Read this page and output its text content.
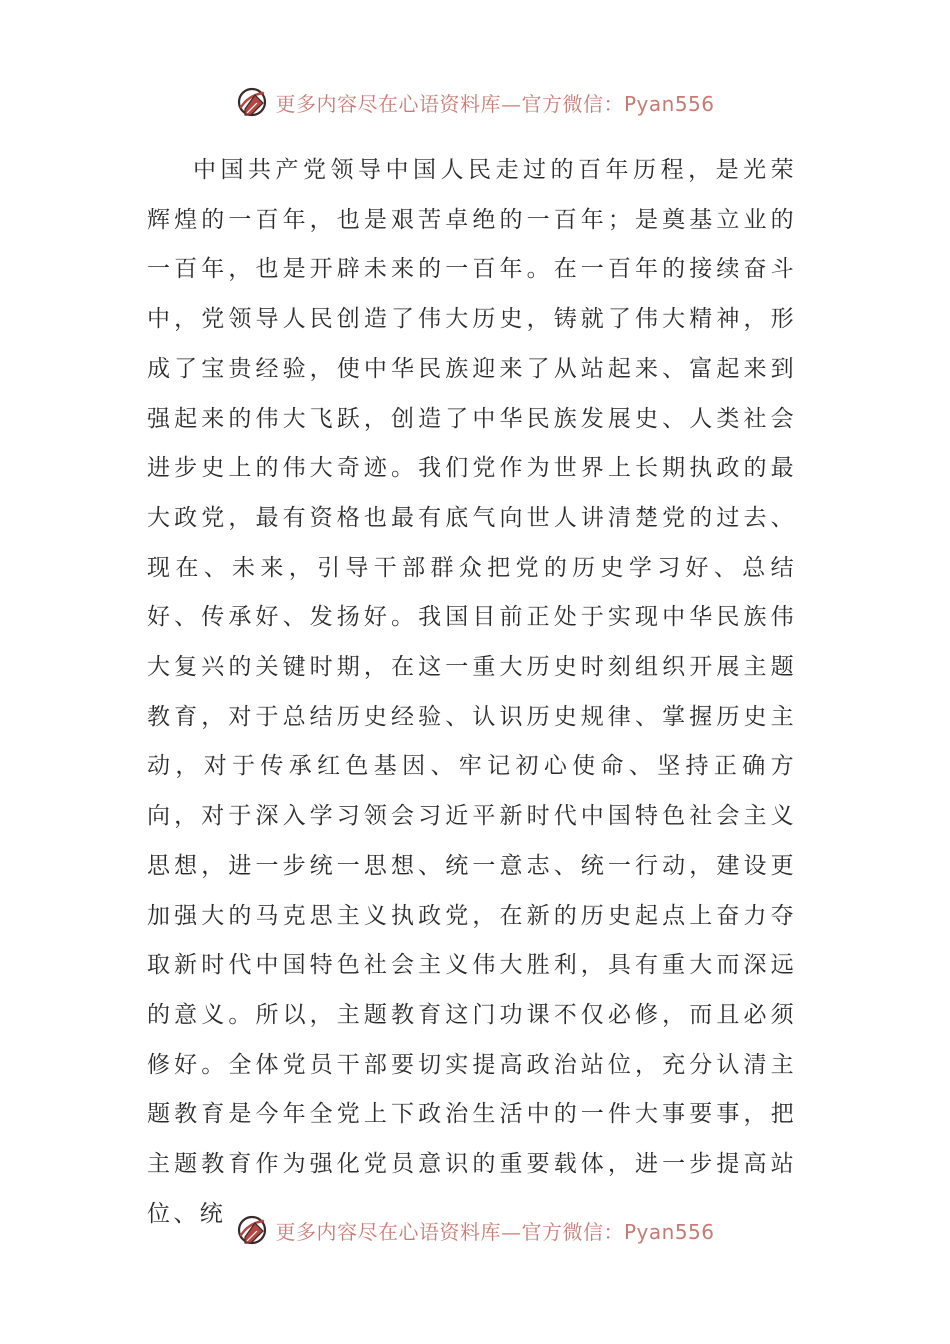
更多内容尽在心语资料库—官方微信：Pyan556

中国共产党领导中国人民走过的百年历程，是光荣辉煌的一百年，也是艰苦卓绝的一百年；是奠基立业的一百年，也是开辟未来的一百年。在一百年的接续奋斗中，党领导人民创造了伟大历史，铸就了伟大精神，形成了宝贵经验，使中华民族迎来了从站起来、富起来到强起来的伟大飞跃，创造了中华民族发展史、人类社会进步史上的伟大奇迹。我们党作为世界上长期执政的最大政党，最有资格也最有底气向世人讲清楚党的过去、现在、未来，引导干部群众把党的历史学习好、总结好、传承好、发扬好。我国目前正处于实现中华民族伟大复兴的关键时期，在这一重大历史时刻组织开展主题教育，对于总结历史经验、认识历史规律、掌握历史主动，对于传承红色基因、牢记初心使命、坚持正确方向，对于深入学习领会习近平新时代中国特色社会主义思想，进一步统一思想、统一意志、统一行动，建设更加强大的马克思主义执政党，在新的历史起点上奋力夺取新时代中国特色社会主义伟大胜利，具有重大而深远的意义。所以，主题教育这门功课不仅必修，而且必须修好。全体党员干部要切实提高政治站位，充分认清主题教育是今年全党上下政治生活中的一件大事要事，把主题教育作为强化党员意识的重要载体，进一步提高站位、统

更多内容尽在心语资料库—官方微信：Pyan556
